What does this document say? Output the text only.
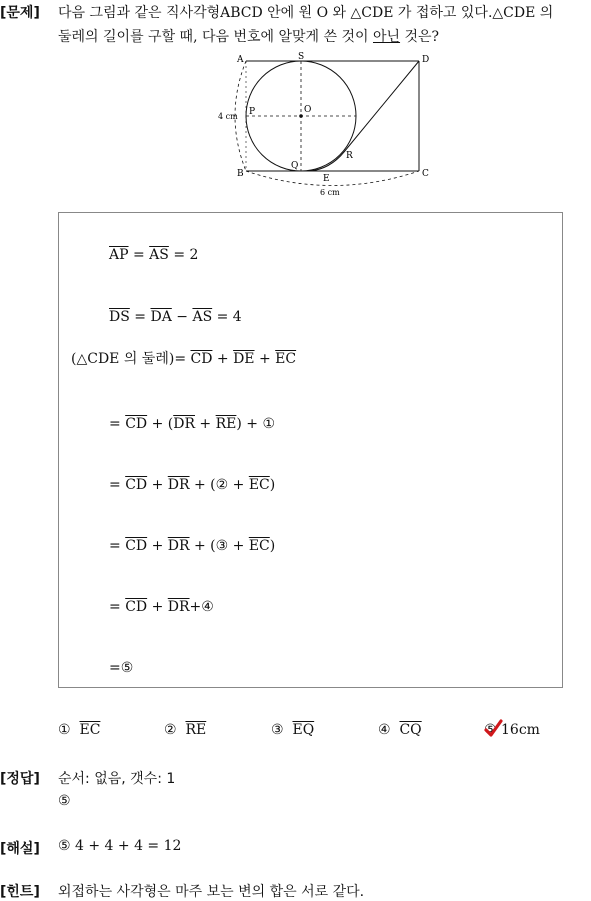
[문제] 다음 그림과 같은 직사각형ABCD 안에 원 O 와 △CDE 가 접하고 있다.△CDE 의
둘레의 길이를 구할 때, 다음 번호에 알맞게 쓴 것이 아닌 것은?
A	S	D
P	O
Q
R
B	E	C
4 cm
6 cm
$\overline{AP} = \overline{AS} = 2$
$\overline{DS} = \overline{DA} - \overline{AS} = 4$
(△CDE 의 둘레)= $\overline{CD} + \overline{DE} + \overline{EC}$
= $\overline{CD} + (\overline{DR} + \overline{RE})$ + ①
= $\overline{CD} + \overline{DR}$ + (② + $\overline{EC}$)
= $\overline{CD} + \overline{DR}$ + (③ + $\overline{EC}$)
= $\overline{CD}$ + $\overline{DR}+④$
=⑤
① $\overline{EC}$	② $\overline{RE}$	③ $\overline{EQ}$	④ $\overline{CQ}$	⑤ 16cm
[정답] 순서: 없음, 갯수: 1
⑤
[해설] ⑤ 4 + 4 + 4 = 12
[힌트] 외접하는 사각형은 마주 보는 변의 합은 서로 같다.
